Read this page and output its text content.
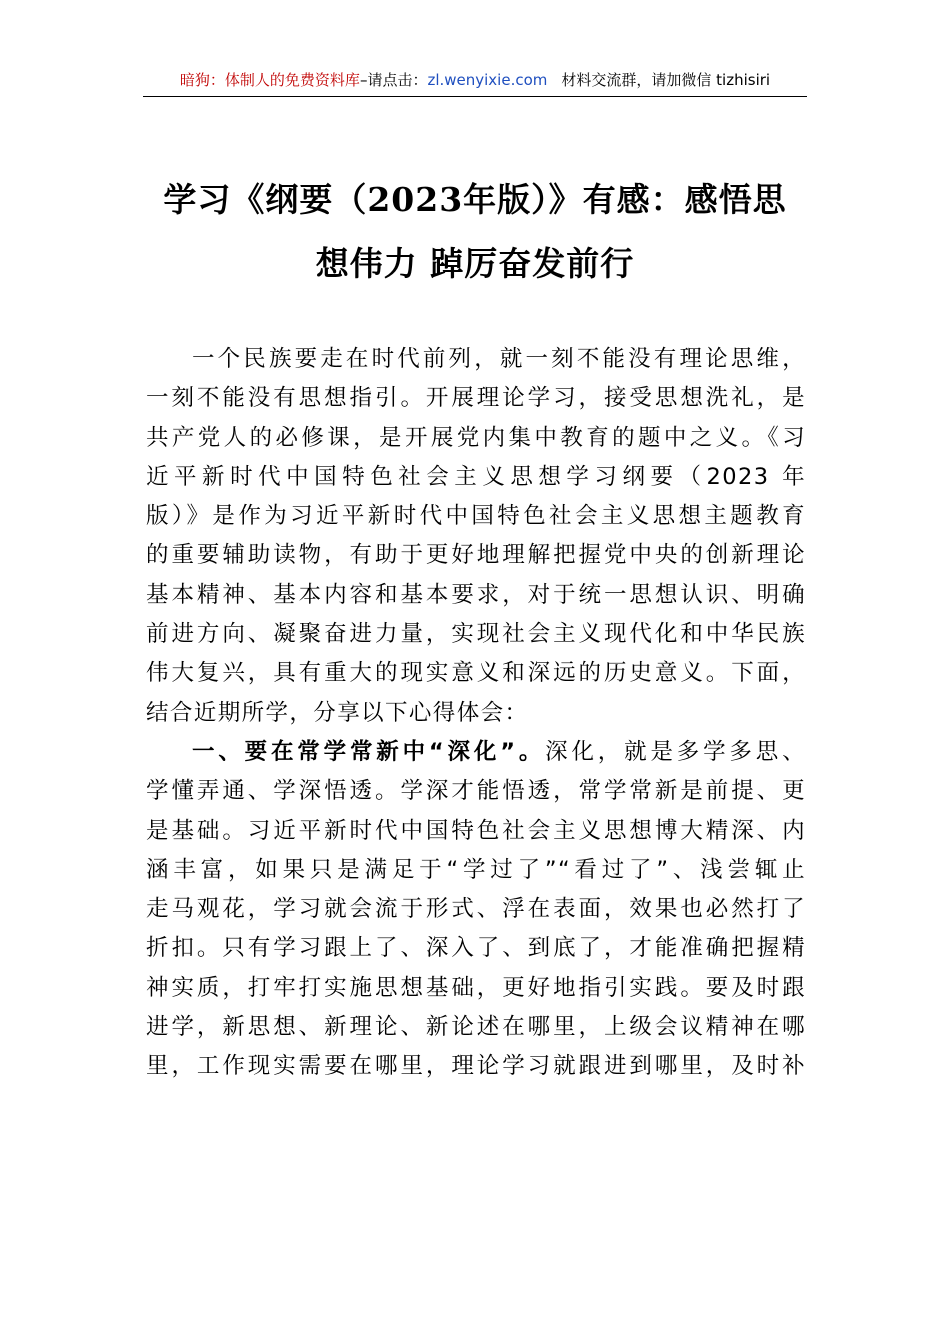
暗狗：体制人的免费资料库–请点击：zl.wenyixie.com 材料交流群，请加微信 tizhisiri
学习《纲要（2023年版）》有感：感悟思
想伟力 踔厉奋发前行
一个民族要走在时代前列，就一刻不能没有理论思维，
一刻不能没有思想指引。开展理论学习，接受思想洗礼，是
共产党人的必修课，是开展党内集中教育的题中之义。《习
近平新时代中国特色社会主义思想学习纲要（2023 年
版）》是作为习近平新时代中国特色社会主义思想主题教育
的重要辅助读物，有助于更好地理解把握党中央的创新理论
基本精神、基本内容和基本要求，对于统一思想认识、明确
前进方向、凝聚奋进力量，实现社会主义现代化和中华民族
伟大复兴，具有重大的现实意义和深远的历史意义。下面，
结合近期所学，分享以下心得体会：
一、要在常学常新中“深化”。深化，就是多学多思、
学懂弄通、学深悟透。学深才能悟透，常学常新是前提、更
是基础。习近平新时代中国特色社会主义思想博大精深、内
涵丰富，如果只是满足于“学过了”“看过了”、浅尝辄止
走马观花，学习就会流于形式、浮在表面，效果也必然打了
折扣。只有学习跟上了、深入了、到底了，才能准确把握精
神实质，打牢打实施思想基础，更好地指引实践。要及时跟
进学，新思想、新理论、新论述在哪里，上级会议精神在哪
里，工作现实需要在哪里，理论学习就跟进到哪里，及时补
